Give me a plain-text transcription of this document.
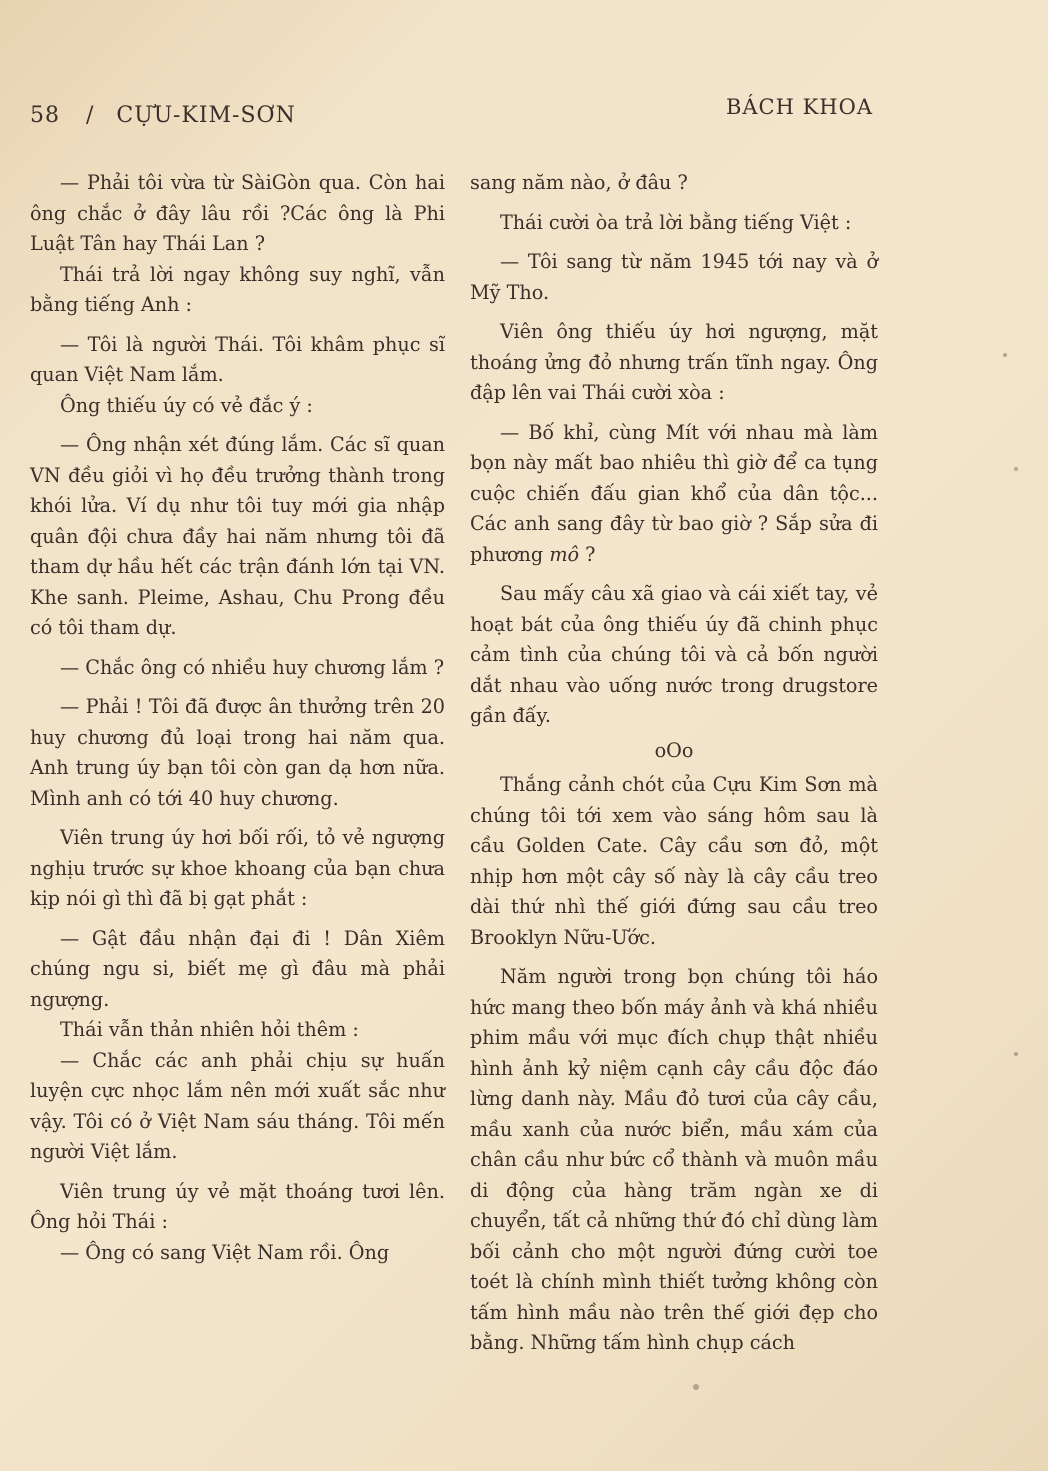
58 / CỰU-KIM-SƠN	BÁCH KHOA

— Phải tôi vừa từ SàiGòn qua. Còn hai ông chắc ở đây lâu rồi ?Các ông là Phi Luật Tân hay Thái Lan ?

Thái trả lời ngay không suy nghĩ, vẫn bằng tiếng Anh :

— Tôi là người Thái. Tôi khâm phục sĩ quan Việt Nam lắm.

Ông thiếu úy có vẻ đắc ý :

— Ông nhận xét đúng lắm. Các sĩ quan VN đều giỏi vì họ đều trưởng thành trong khói lửa. Ví dụ như tôi tuy mới gia nhập quân đội chưa đầy hai năm nhưng tôi đã tham dự hầu hết các trận đánh lớn tại VN. Khe sanh. Pleime, Ashau, Chu Prong đều có tôi tham dự.

— Chắc ông có nhiều huy chương lắm ?

— Phải ! Tôi đã được ân thưởng trên 20 huy chương đủ loại trong hai năm qua. Anh trung úy bạn tôi còn gan dạ hơn nữa. Mình anh có tới 40 huy chương.

Viên trung úy hơi bối rối, tỏ vẻ ngượng nghịu trước sự khoe khoang của bạn chưa kịp nói gì thì đã bị gạt phắt :

— Gật đầu nhận đại đi ! Dân Xiêm chúng ngu si, biết mẹ gì đâu mà phải ngượng.

Thái vẫn thản nhiên hỏi thêm :

— Chắc các anh phải chịu sự huấn luyện cực nhọc lắm nên mới xuất sắc như vậy. Tôi có ở Việt Nam sáu tháng. Tôi mến người Việt lắm.

Viên trung úy vẻ mặt thoáng tươi lên. Ông hỏi Thái :

— Ông có sang Việt Nam rồi. Ông

sang năm nào, ở đâu ?

Thái cười òa trả lời bằng tiếng Việt :

— Tôi sang từ năm 1945 tới nay và ở Mỹ Tho.

Viên ông thiếu úy hơi ngượng, mặt thoáng ửng đỏ nhưng trấn tĩnh ngay. Ông đập lên vai Thái cười xòa :

— Bố khỉ, cùng Mít với nhau mà làm bọn này mất bao nhiêu thì giờ để ca tụng cuộc chiến đấu gian khổ của dân tộc... Các anh sang đây từ bao giờ ? Sắp sửa đi phương mô ?

Sau mấy câu xã giao và cái xiết tay, vẻ hoạt bát của ông thiếu úy đã chinh phục cảm tình của chúng tôi và cả bốn người dắt nhau vào uống nước trong drugstore gần đấy.

oOo

Thắng cảnh chót của Cựu Kim Sơn mà chúng tôi tới xem vào sáng hôm sau là cầu Golden Cate. Cây cầu sơn đỏ, một nhịp hơn một cây số này là cây cầu treo dài thứ nhì thế giới đứng sau cầu treo Brooklyn Nữu-Ước.

Năm người trong bọn chúng tôi háo hức mang theo bốn máy ảnh và khá nhiều phim mầu với mục đích chụp thật nhiều hình ảnh kỷ niệm cạnh cây cầu độc đáo lừng danh này. Mầu đỏ tươi của cây cầu, mầu xanh của nước biển, mầu xám của chân cầu như bức cổ thành và muôn mầu di động của hàng trăm ngàn xe di chuyển, tất cả những thứ đó chỉ dùng làm bối cảnh cho một người đứng cười toe toét là chính mình thiết tưởng không còn tấm hình mầu nào trên thế giới đẹp cho bằng. Những tấm hình chụp cách
